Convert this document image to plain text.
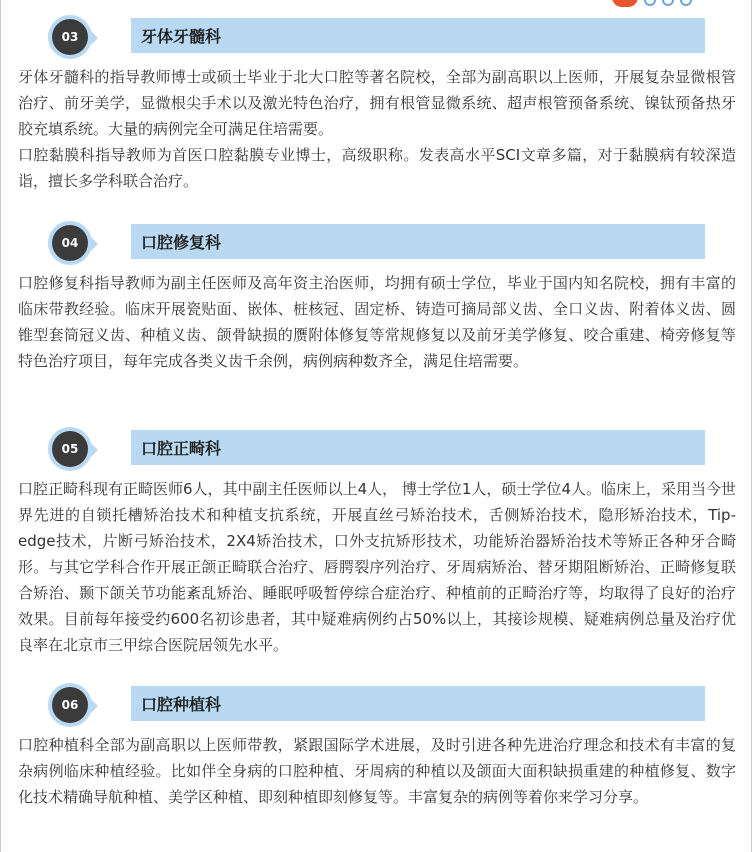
03	牙体牙髓科

牙体牙髓科的指导教师博士或硕士毕业于北大口腔等著名院校，全部为副高职以上医师，开展复杂显微根管治疗、前牙美学，显微根尖手术以及激光特色治疗，拥有根管显微系统、超声根管预备系统、镍钛预备热牙胶充填系统。大量的病例完全可满足住培需要。

口腔黏膜科指导教师为首医口腔黏膜专业博士，高级职称。发表高水平SCI文章多篇，对于黏膜病有较深造诣，擅长多学科联合治疗。

04	口腔修复科

口腔修复科指导教师为副主任医师及高年资主治医师，均拥有硕士学位，毕业于国内知名院校，拥有丰富的临床带教经验。临床开展瓷贴面、嵌体、桩核冠、固定桥、铸造可摘局部义齿、全口义齿、附着体义齿、圆锥型套筒冠义齿、种植义齿、颌骨缺损的赝附体修复等常规修复以及前牙美学修复、咬合重建、椅旁修复等特色治疗项目，每年完成各类义齿千余例，病例病种数齐全，满足住培需要。

05	口腔正畸科

口腔正畸科现有正畸医师6人，其中副主任医师以上4人， 博士学位1人，硕士学位4人。临床上，采用当今世界先进的自锁托槽矫治技术和种植支抗系统，开展直丝弓矫治技术，舌侧矫治技术，隐形矫治技术，Tip-edge技术，片断弓矫治技术，2X4矫治技术，口外支抗矫形技术，功能矫治器矫治技术等矫正各种牙合畸形。与其它学科合作开展正颌正畸联合治疗、唇腭裂序列治疗、牙周病矫治、替牙期阻断矫治、正畸修复联合矫治、颞下颌关节功能紊乱矫治、睡眠呼吸暂停综合症治疗、种植前的正畸治疗等，均取得了良好的治疗效果。目前每年接受约600名初诊患者，其中疑难病例约占50%以上，其接诊规模、疑难病例总量及治疗优良率在北京市三甲综合医院居领先水平。

06	口腔种植科

口腔种植科全部为副高职以上医师带教，紧跟国际学术进展，及时引进各种先进治疗理念和技术有丰富的复杂病例临床种植经验。比如伴全身病的口腔种植、牙周病的种植以及颌面大面积缺损重建的种植修复、数字化技术精确导航种植、美学区种植、即刻种植即刻修复等。丰富复杂的病例等着你来学习分享。
